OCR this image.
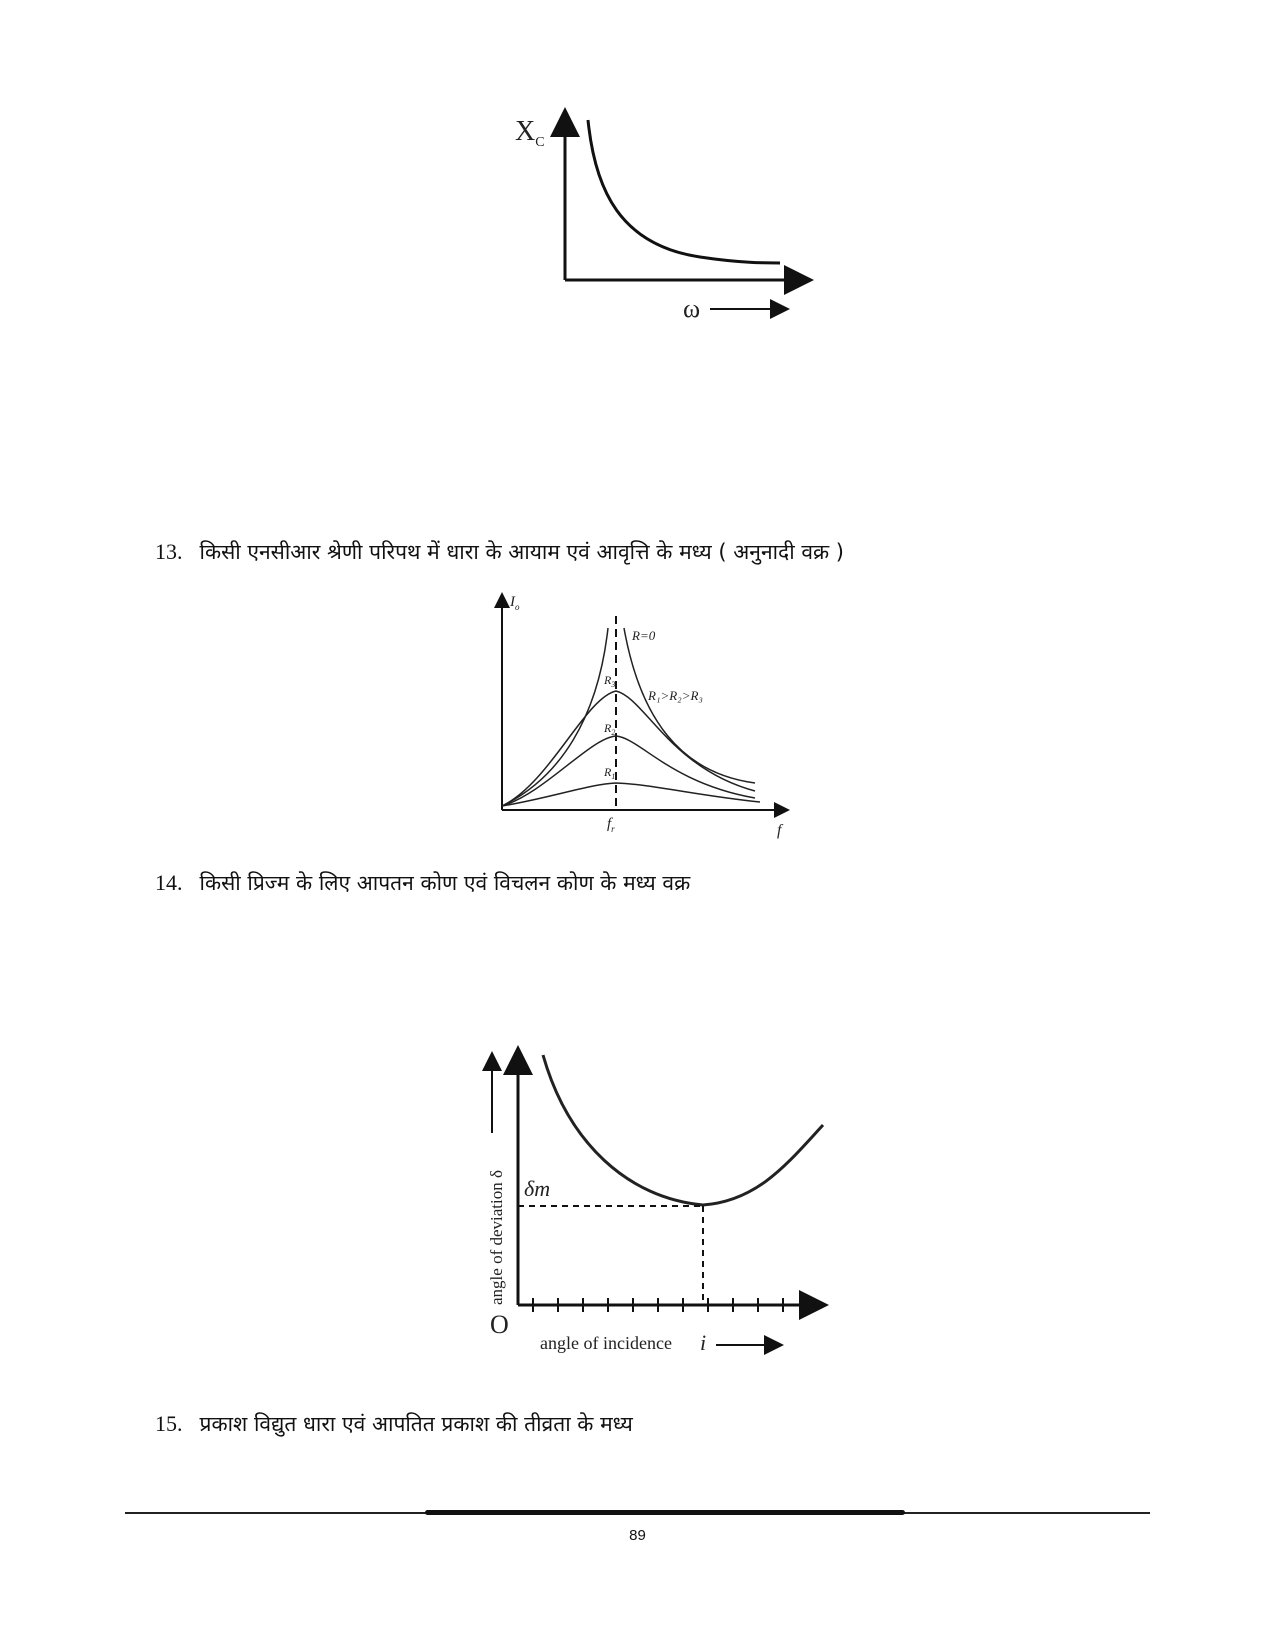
$X_C$
ω
13. किसी एनसीआर श्रेणी परिपथ में धारा के आयाम एवं आवृत्ति के मध्य ( अनुनादी वक्र )
$I_o$
f
$f_r$
R=0
R₁>R₂>R₃
$R_3$
$R_2$
$R_1$
14. किसी प्रिज्म के लिए आपतन कोण एवं विचलन कोण के मध्य वक्र
angle of deviation δ δm
O
angle of incidence i
15. प्रकाश विद्युत धारा एवं आपतित प्रकाश की तीव्रता के मध्य
89
